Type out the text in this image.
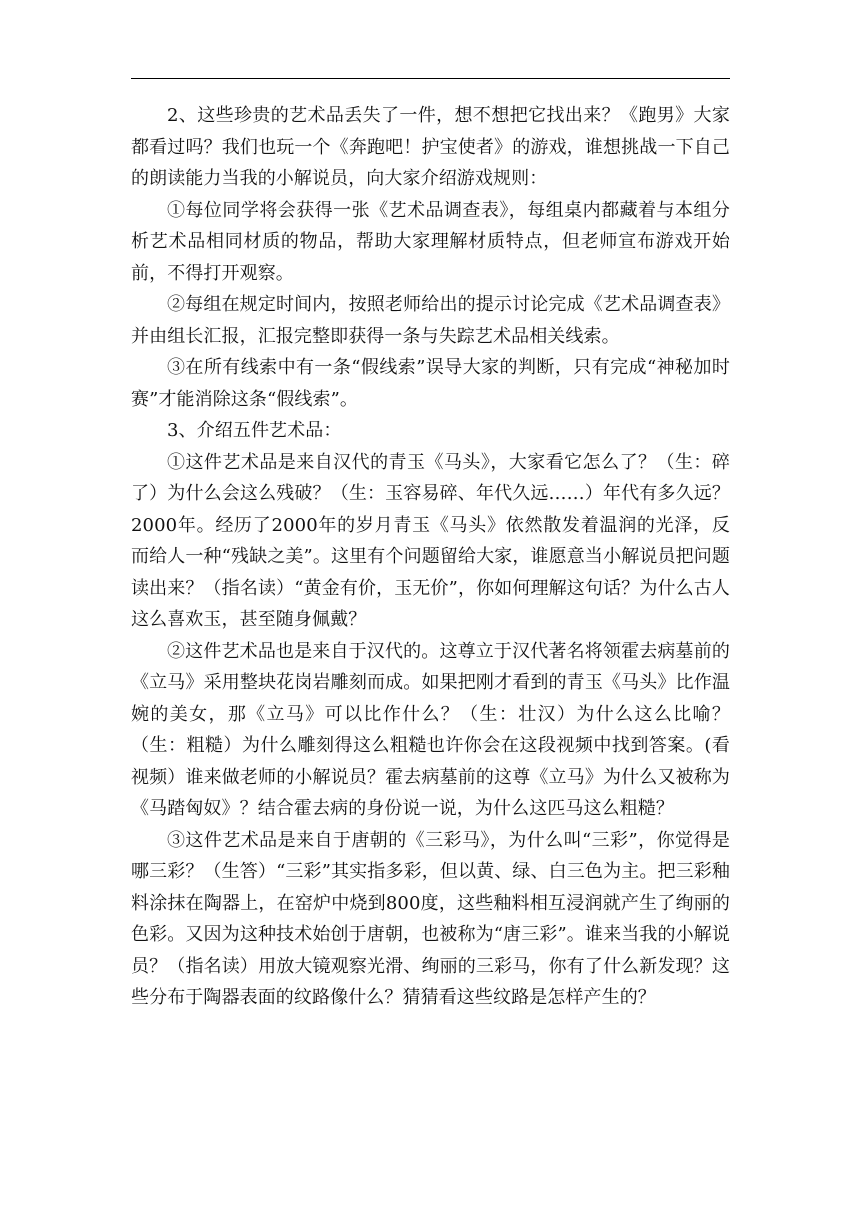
2、这些珍贵的艺术品丢失了一件，想不想把它找出来？《跑男》大家都看过吗？我们也玩一个《奔跑吧！护宝使者》的游戏，谁想挑战一下自己的朗读能力当我的小解说员，向大家介绍游戏规则：

①每位同学将会获得一张《艺术品调查表》，每组桌内都藏着与本组分析艺术品相同材质的物品，帮助大家理解材质特点，但老师宣布游戏开始前，不得打开观察。

②每组在规定时间内，按照老师给出的提示讨论完成《艺术品调查表》并由组长汇报，汇报完整即获得一条与失踪艺术品相关线索。

③在所有线索中有一条“假线索”误导大家的判断，只有完成“神秘加时赛”才能消除这条“假线索”。

3、介绍五件艺术品：

①这件艺术品是来自汉代的青玉《马头》，大家看它怎么了？（生：碎了）为什么会这么残破？（生：玉容易碎、年代久远……）年代有多久远？2000年。经历了2000年的岁月青玉《马头》依然散发着温润的光泽，反而给人一种“残缺之美”。这里有个问题留给大家，谁愿意当小解说员把问题读出来？（指名读）“黄金有价，玉无价”，你如何理解这句话？为什么古人这么喜欢玉，甚至随身佩戴？

②这件艺术品也是来自于汉代的。这尊立于汉代著名将领霍去病墓前的《立马》采用整块花岗岩雕刻而成。如果把刚才看到的青玉《马头》比作温婉的美女，那《立马》可以比作什么？（生：壮汉）为什么这么比喻？（生：粗糙）为什么雕刻得这么粗糙也许你会在这段视频中找到答案。(看视频）谁来做老师的小解说员？霍去病墓前的这尊《立马》为什么又被称为《马踏匈奴》？结合霍去病的身份说一说，为什么这匹马这么粗糙？

③这件艺术品是来自于唐朝的《三彩马》，为什么叫“三彩”，你觉得是哪三彩？（生答）“三彩”其实指多彩，但以黄、绿、白三色为主。把三彩釉料涂抹在陶器上，在窑炉中烧到800度，这些釉料相互浸润就产生了绚丽的色彩。又因为这种技术始创于唐朝，也被称为“唐三彩”。谁来当我的小解说员？（指名读）用放大镜观察光滑、绚丽的三彩马，你有了什么新发现？这些分布于陶器表面的纹路像什么？猜猜看这些纹路是怎样产生的？
